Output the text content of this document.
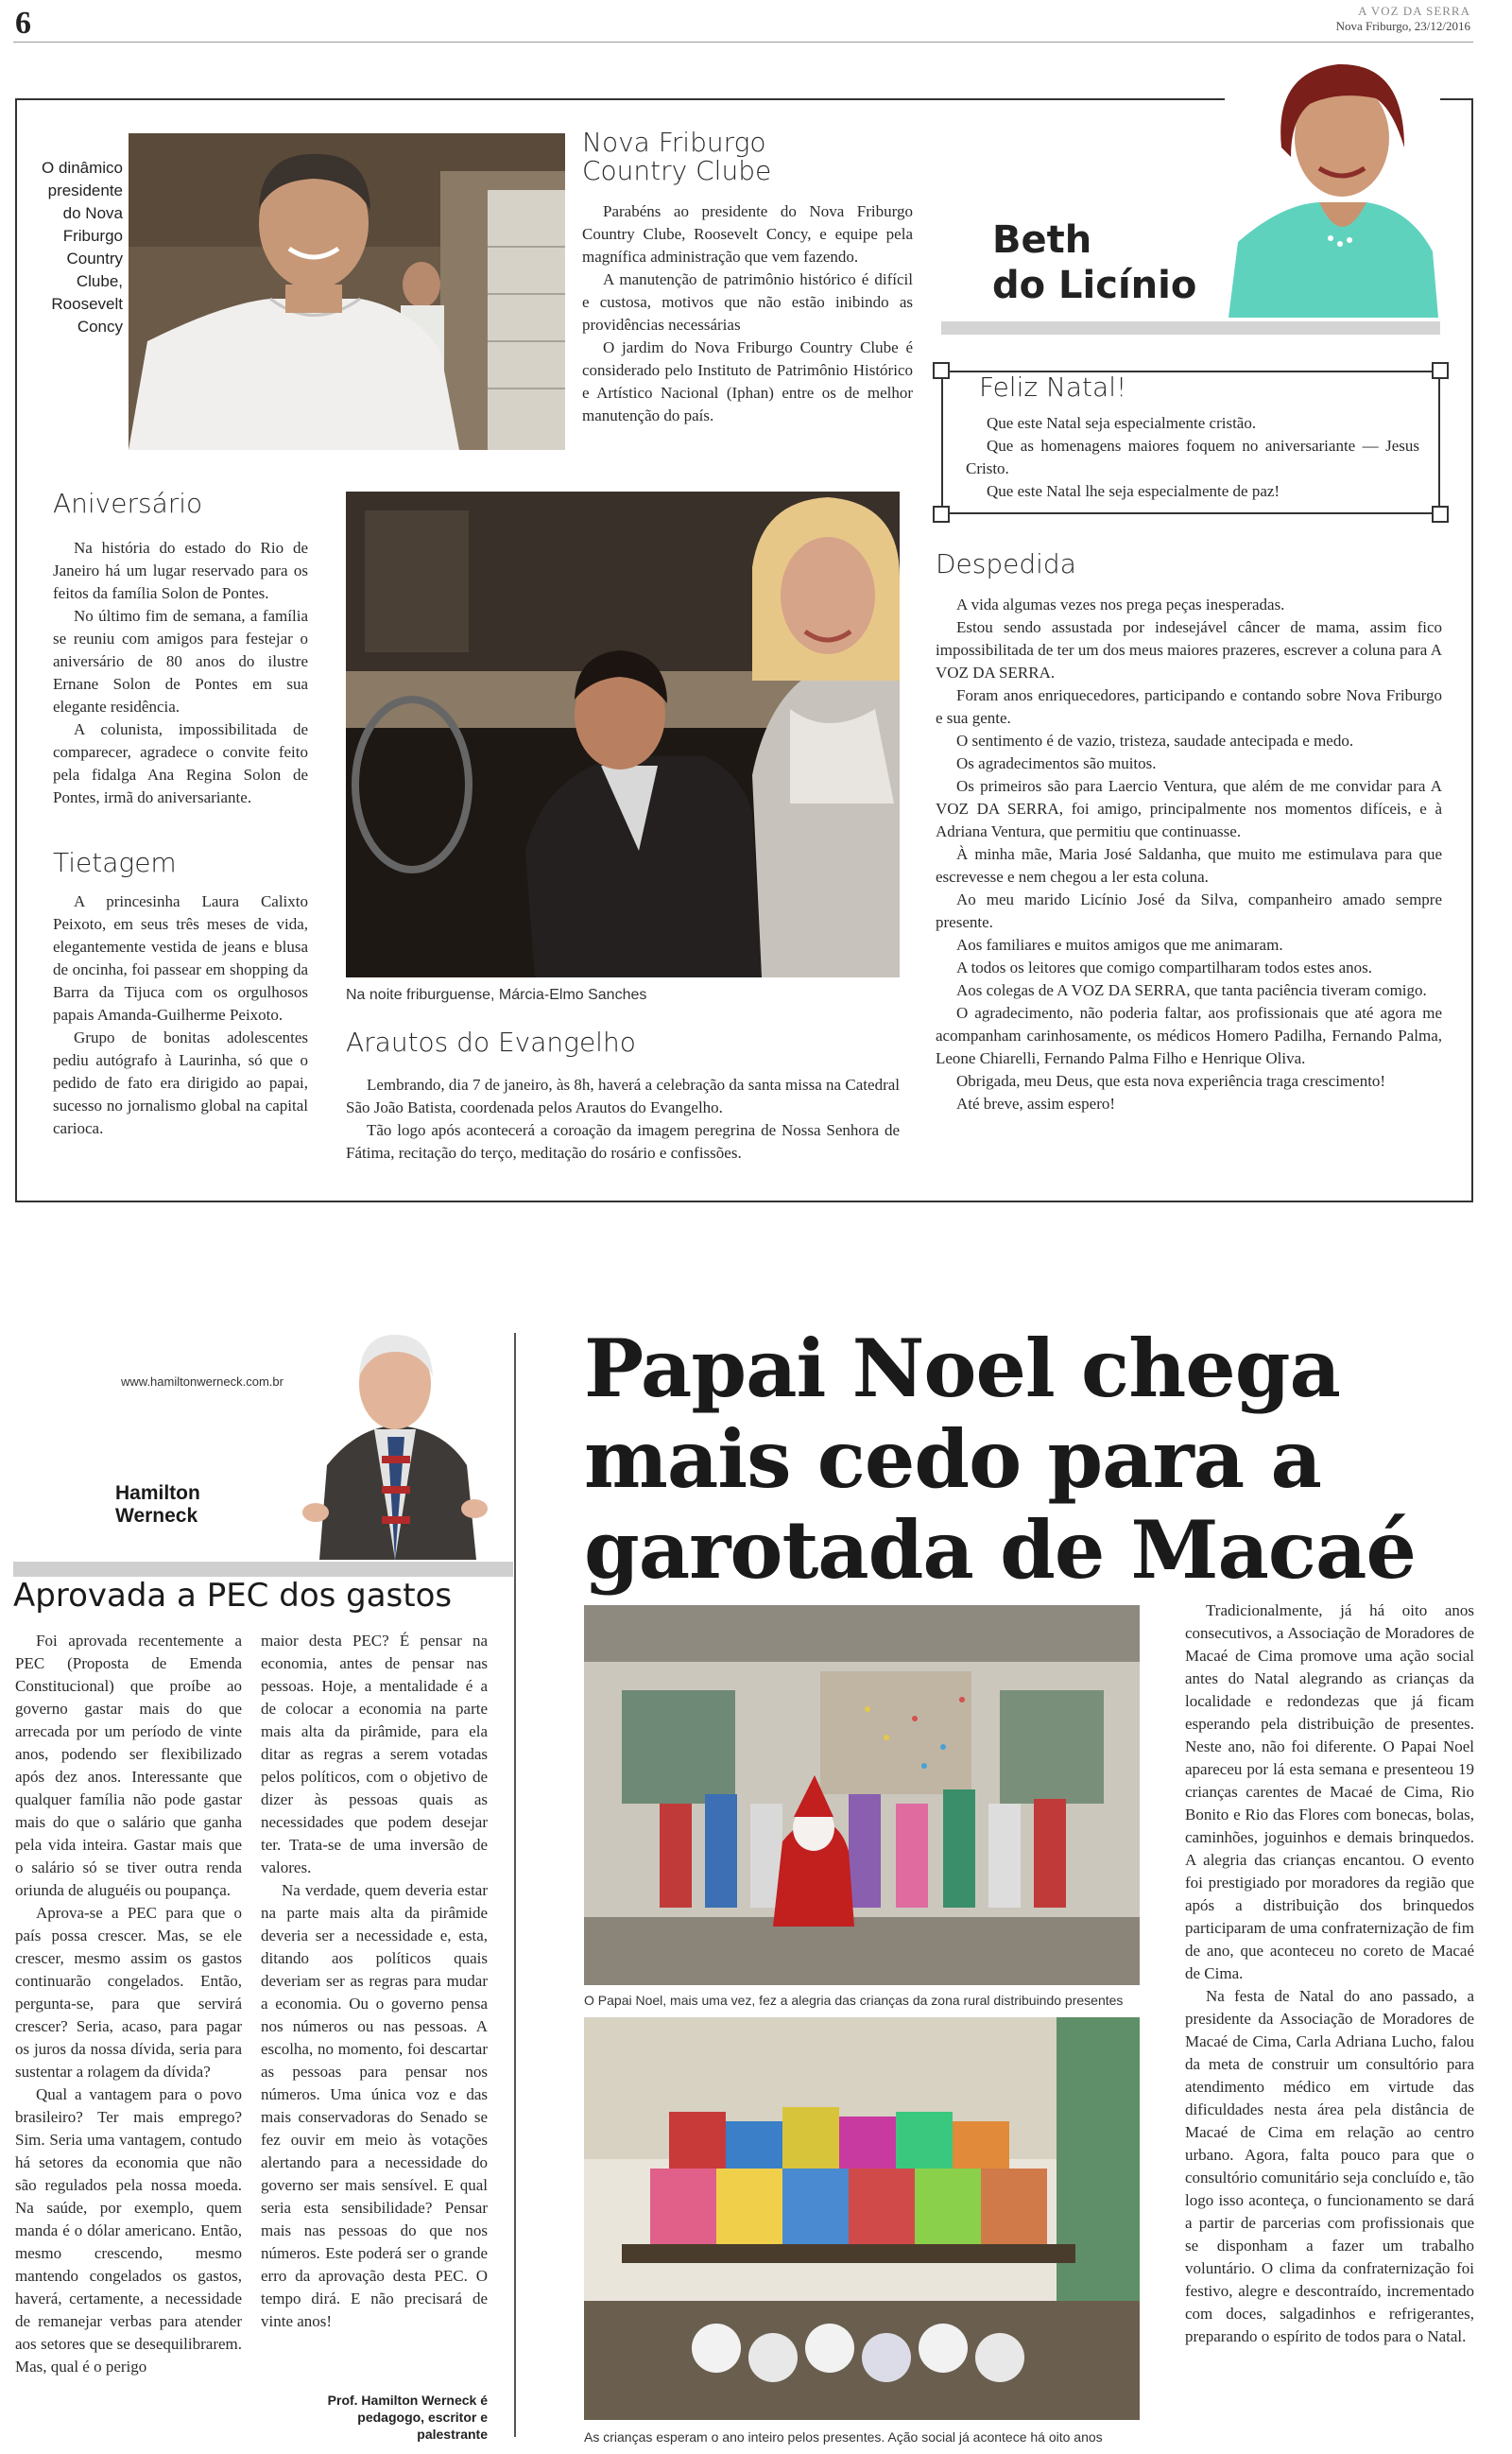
6	A VOZ DA SERRA
Nova Friburgo, 23/12/2016
O dinâmico presidente do Nova Friburgo Country Clube, Roosevelt Concy
Nova Friburgo Country Clube

Parabéns ao presidente do Nova Friburgo Country Clube, Roosevelt Concy, e equipe pela magnífica administração que vem fazendo.

A manutenção de patrimônio histórico é difícil e custosa, motivos que não estão inibindo as providências necessárias

O jardim do Nova Friburgo Country Clube é considerado pelo Instituto de Patrimônio Histórico e Artístico Nacional (Iphan) entre os de melhor manutenção do país.

Beth
do Licínio
Feliz Natal!

Que este Natal seja especialmente cristão.

Que as homenagens maiores foquem no aniversariante — Jesus Cristo.

Que este Natal lhe seja especialmente de paz!

Aniversário

Na história do estado do Rio de Janeiro há um lugar reservado para os feitos da família Solon de Pontes.

No último fim de semana, a família se reuniu com amigos para festejar o aniversário de 80 anos do ilustre Ernane Solon de Pontes em sua elegante residência.

A colunista, impossibilitada de comparecer, agradece o convite feito pela fidalga Ana Regina Solon de Pontes, irmã do aniversariante.

Tietagem

A princesinha Laura Calixto Peixoto, em seus três meses de vida, elegantemente vestida de jeans e blusa de oncinha, foi passear em shopping da Barra da Tijuca com os orgulhosos papais Amanda-Guilherme Peixoto.

Grupo de bonitas adolescentes pediu autógrafo à Laurinha, só que o pedido de fato era dirigido ao papai, sucesso no jornalismo global na capital carioca.

Na noite friburguense, Márcia-Elmo Sanches
Arautos do Evangelho

Lembrando, dia 7 de janeiro, às 8h, haverá a celebração da santa missa na Catedral São João Batista, coordenada pelos Arautos do Evangelho.

Tão logo após acontecerá a coroação da imagem peregrina de Nossa Senhora de Fátima, recitação do terço, meditação do rosário e confissões.

Despedida

A vida algumas vezes nos prega peças inesperadas.

Estou sendo assustada por indesejável câncer de mama, assim fico impossibilitada de ter um dos meus maiores prazeres, escrever a coluna para A VOZ DA SERRA.

Foram anos enriquecedores, participando e contando sobre Nova Friburgo e sua gente.

O sentimento é de vazio, tristeza, saudade antecipada e medo.

Os agradecimentos são muitos.

Os primeiros são para Laercio Ventura, que além de me convidar para A VOZ DA SERRA, foi amigo, principalmente nos momentos difíceis, e à Adriana Ventura, que permitiu que continuasse.

À minha mãe, Maria José Saldanha, que muito me estimulava para que escrevesse e nem chegou a ler esta coluna.

Ao meu marido Licínio José da Silva, companheiro amado sempre presente.

Aos familiares e muitos amigos que me animaram.

A todos os leitores que comigo compartilharam todos estes anos.

Aos colegas de A VOZ DA SERRA, que tanta paciência tiveram comigo.

O agradecimento, não poderia faltar, aos profissionais que até agora me acompanham carinhosamente, os médicos Homero Padilha, Fernando Palma, Leone Chiarelli, Fernando Palma Filho e Henrique Oliva.

Obrigada, meu Deus, que esta nova experiência traga crescimento!

Até breve, assim espero!

www.hamiltonwerneck.com.br
Hamilton
Werneck
Aprovada a PEC dos gastos

Foi aprovada recentemente a PEC (Proposta de Emenda Constitucional) que proíbe ao governo gastar mais do que arrecada por um período de vinte anos, podendo ser flexibilizado após dez anos. Interessante que qualquer família não pode gastar mais do que o salário que ganha pela vida inteira. Gastar mais que o salário só se tiver outra renda oriunda de aluguéis ou poupança.

Aprova-se a PEC para que o país possa crescer. Mas, se ele crescer, mesmo assim os gastos continuarão congelados. Então, pergunta-se, para que servirá crescer? Seria, acaso, para pagar os juros da nossa dívida, seria para sustentar a rolagem da dívida?

Qual a vantagem para o povo brasileiro? Ter mais emprego? Sim. Seria uma vantagem, contudo há setores da economia que não são regulados pela nossa moeda. Na saúde, por exemplo, quem manda é o dólar americano. Então, mesmo crescendo, mesmo mantendo congelados os gastos, haverá, certamente, a necessidade de remanejar verbas para atender aos setores que se desequilibrarem. Mas, qual é o perigo

maior desta PEC? É pensar na economia, antes de pensar nas pessoas. Hoje, a mentalidade é a de colocar a economia na parte mais alta da pirâmide, para ela ditar as regras a serem votadas pelos políticos, com o objetivo de dizer às pessoas quais as necessidades que podem desejar ter. Trata-se de uma inversão de valores.

Na verdade, quem deveria estar na parte mais alta da pirâmide deveria ser a necessidade e, esta, ditando aos políticos quais deveriam ser as regras para mudar a economia. Ou o governo pensa nos números ou nas pessoas. A escolha, no momento, foi descartar as pessoas para pensar nos números. Uma única voz e das mais conservadoras do Senado se fez ouvir em meio às votações alertando para a necessidade do governo ser mais sensível. E qual seria esta sensibilidade? Pensar mais nas pessoas do que nos números. Este poderá ser o grande erro da aprovação desta PEC. O tempo dirá. E não precisará de vinte anos!

Prof. Hamilton Werneck é pedagogo, escritor e palestrante
Papai Noel chega mais cedo para a garotada de Macaé
O Papai Noel, mais uma vez, fez a alegria das crianças da zona rural distribuindo presentes
As crianças esperam o ano inteiro pelos presentes. Ação social já acontece há oito anos

Tradicionalmente, já há oito anos consecutivos, a Associação de Moradores de Macaé de Cima promove uma ação social antes do Natal alegrando as crianças da localidade e redondezas que já ficam esperando pela distribuição de presentes. Neste ano, não foi diferente. O Papai Noel apareceu por lá esta semana e presenteou 19 crianças carentes de Macaé de Cima, Rio Bonito e Rio das Flores com bonecas, bolas, caminhões, joguinhos e demais brinquedos. A alegria das crianças encantou. O evento foi prestigiado por moradores da região que após a distribuição dos brinquedos participaram de uma confraternização de fim de ano, que aconteceu no coreto de Macaé de Cima.

Na festa de Natal do ano passado, a presidente da Associação de Moradores de Macaé de Cima, Carla Adriana Lucho, falou da meta de construir um consultório para atendimento médico em virtude das dificuldades nesta área pela distância de Macaé de Cima em relação ao centro urbano. Agora, falta pouco para que o consultório comunitário seja concluído e, tão logo isso aconteça, o funcionamento se dará a partir de parcerias com profissionais que se disponham a fazer um trabalho voluntário. O clima da confraternização foi festivo, alegre e descontraído, incrementado com doces, salgadinhos e refrigerantes, preparando o espírito de todos para o Natal.
